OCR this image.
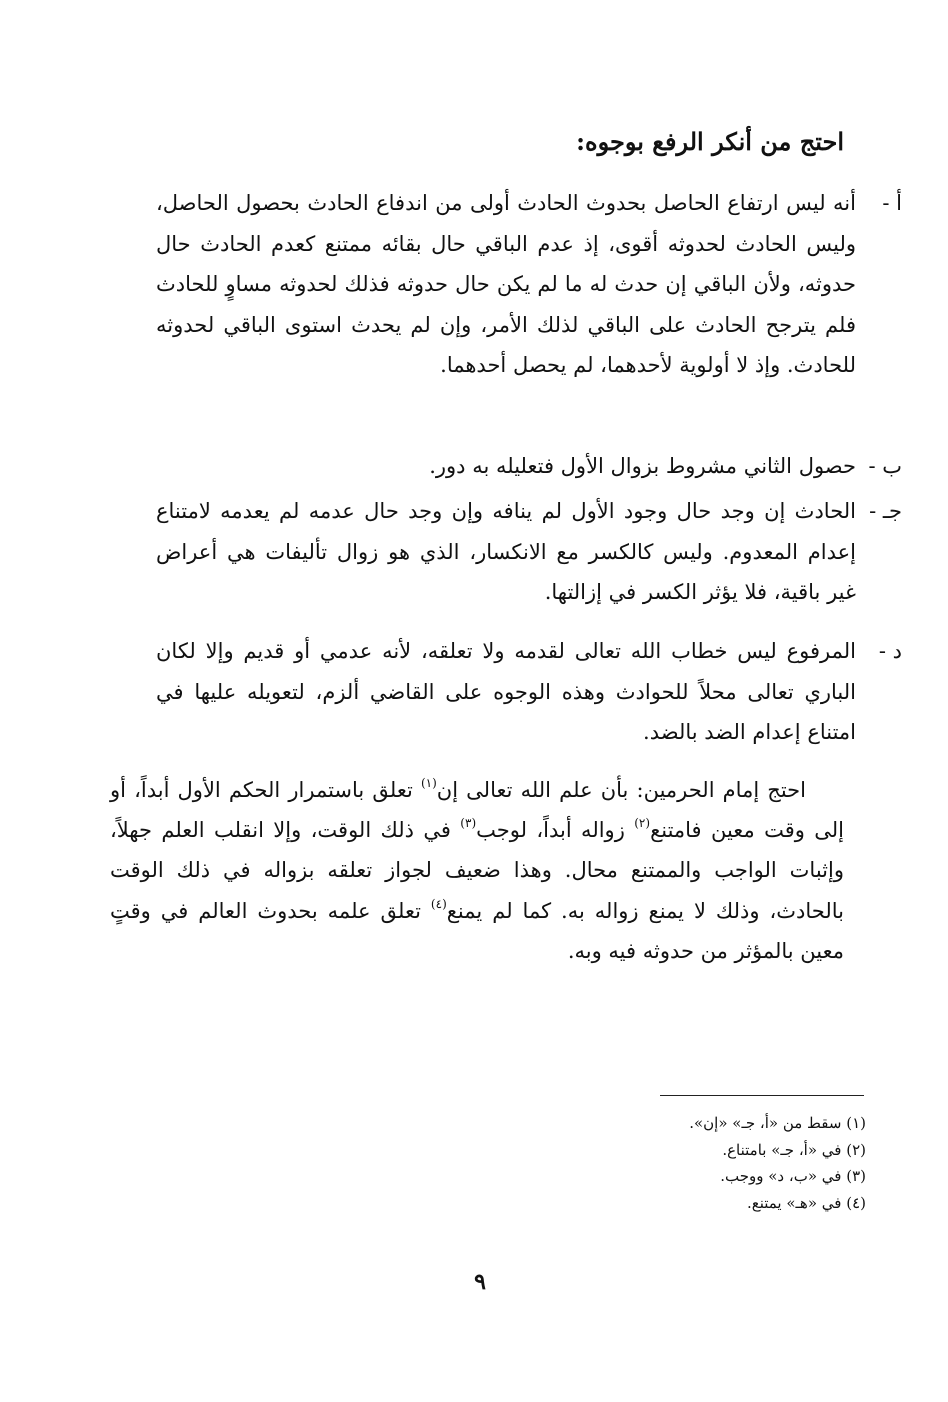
احتج من أنكر الرفع بوجوه:
أ -
أنه ليس ارتفاع الحاصل بحدوث الحادث أولى من اندفاع الحادث بحصول الحاصل، وليس الحادث لحدوثه أقوى، إذ عدم الباقي حال بقائه ممتنع كعدم الحادث حال حدوثه، ولأن الباقي إن حدث له ما لم يكن حال حدوثه فذلك لحدوثه مساوٍ للحادث فلم يترجح الحادث على الباقي لذلك الأمر، وإن لم يحدث استوى الباقي لحدوثه للحادث. وإذ لا أولوية لأحدهما، لم يحصل أحدهما.
ب -
حصول الثاني مشروط بزوال الأول فتعليله به دور.
جـ -
الحادث إن وجد حال وجود الأول لم ينافه وإن وجد حال عدمه لم يعدمه لامتناع إعدام المعدوم. وليس كالكسر مع الانكسار، الذي هو زوال تأليفات هي أعراض غير باقية، فلا يؤثر الكسر في إزالتها.
د -
المرفوع ليس خطاب الله تعالى لقدمه ولا تعلقه، لأنه عدمي أو قديم وإلا لكان الباري تعالى محلاً للحوادث وهذه الوجوه على القاضي ألزم، لتعويله عليها في امتناع إعدام الضد بالضد.
احتج إمام الحرمين: بأن علم الله تعالى إن$^{(١)}$ تعلق باستمرار الحكم الأول أبداً، أو إلى وقت معين فامتنع$^{(٢)}$ زواله أبداً، لوجب$^{(٣)}$ في ذلك الوقت، وإلا انقلب العلم جهلاً، وإثبات الواجب والممتنع محال. وهذا ضعيف لجواز تعلقه بزواله في ذلك الوقت بالحادث، وذلك لا يمنع زواله به. كما لم يمنع$^{(٤)}$ تعلق علمه بحدوث العالم في وقتٍ معين بالمؤثر من حدوثه فيه وبه.
(١) سقط من «أ، جـ» «إن».
(٢) في «أ، جـ» بامتناع.
(٣) في «ب، د» ووجب.
(٤) في «هـ» يمتنع.
٩
